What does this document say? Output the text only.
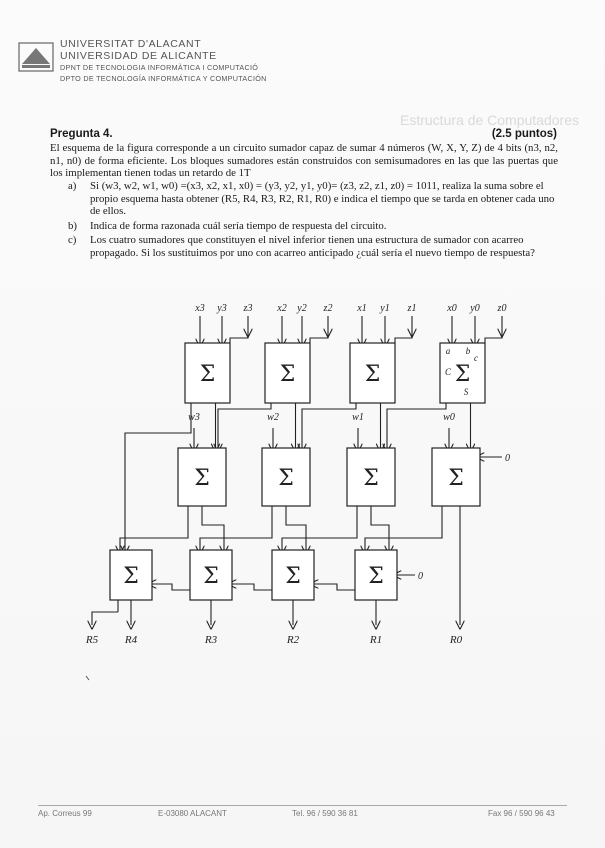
Estructura de Computadores
UNIVERSITAT D'ALACANT
UNIVERSIDAD DE ALICANTE
DPNT DE TECNOLOGIA INFORMÀTICA I COMPUTACIÓ
DPTO DE TECNOLOGÍA INFORMÁTICA Y COMPUTACIÓN
Pregunta 4.	(2.5 puntos)
El esquema de la figura corresponde a un circuito sumador capaz de sumar 4 números (W, X, Y, Z) de 4 bits (n3, n2, n1, n0) de forma eficiente. Los bloques sumadores están construidos con semisumadores en las que las puertas que los implementan tienen todas un retardo de 1T
a)	Si (w3, w2, w1, w0) =(x3, x2, x1, x0) = (y3, y2, y1, y0)= (z3, z2, z1, z0) = 1011, realiza la suma sobre el propio esquema hasta obtener (R5, R4, R3, R2, R1, R0) e indica el tiempo que se tarda en obtener cada uno de ellos.
b)	Indica de forma razonada cuál sería tiempo de respuesta del circuito.
c)	Los cuatro sumadores que constituyen el nivel inferior tienen una estructura de sumador con acarreo propagado. Si los sustituimos por uno con acarreo anticipado ¿cuál sería el nuevo tiempo de respuesta?
Σ	Σ	Σ	Σ
Σ	Σ	Σ	Σ
Σ	Σ	Σ	Σ
x3 y3 z3 x2 y2 z2 x1 y1 z1	x0 y0 z0
a b
c
C
S
w3	w2	w1	w0
0
0
R5 R4	R3	R2	R1	R0
Ap. Correus 99	E-03080 ALACANT	Tel. 96 / 590 36 81	Fax 96 / 590 96 43
